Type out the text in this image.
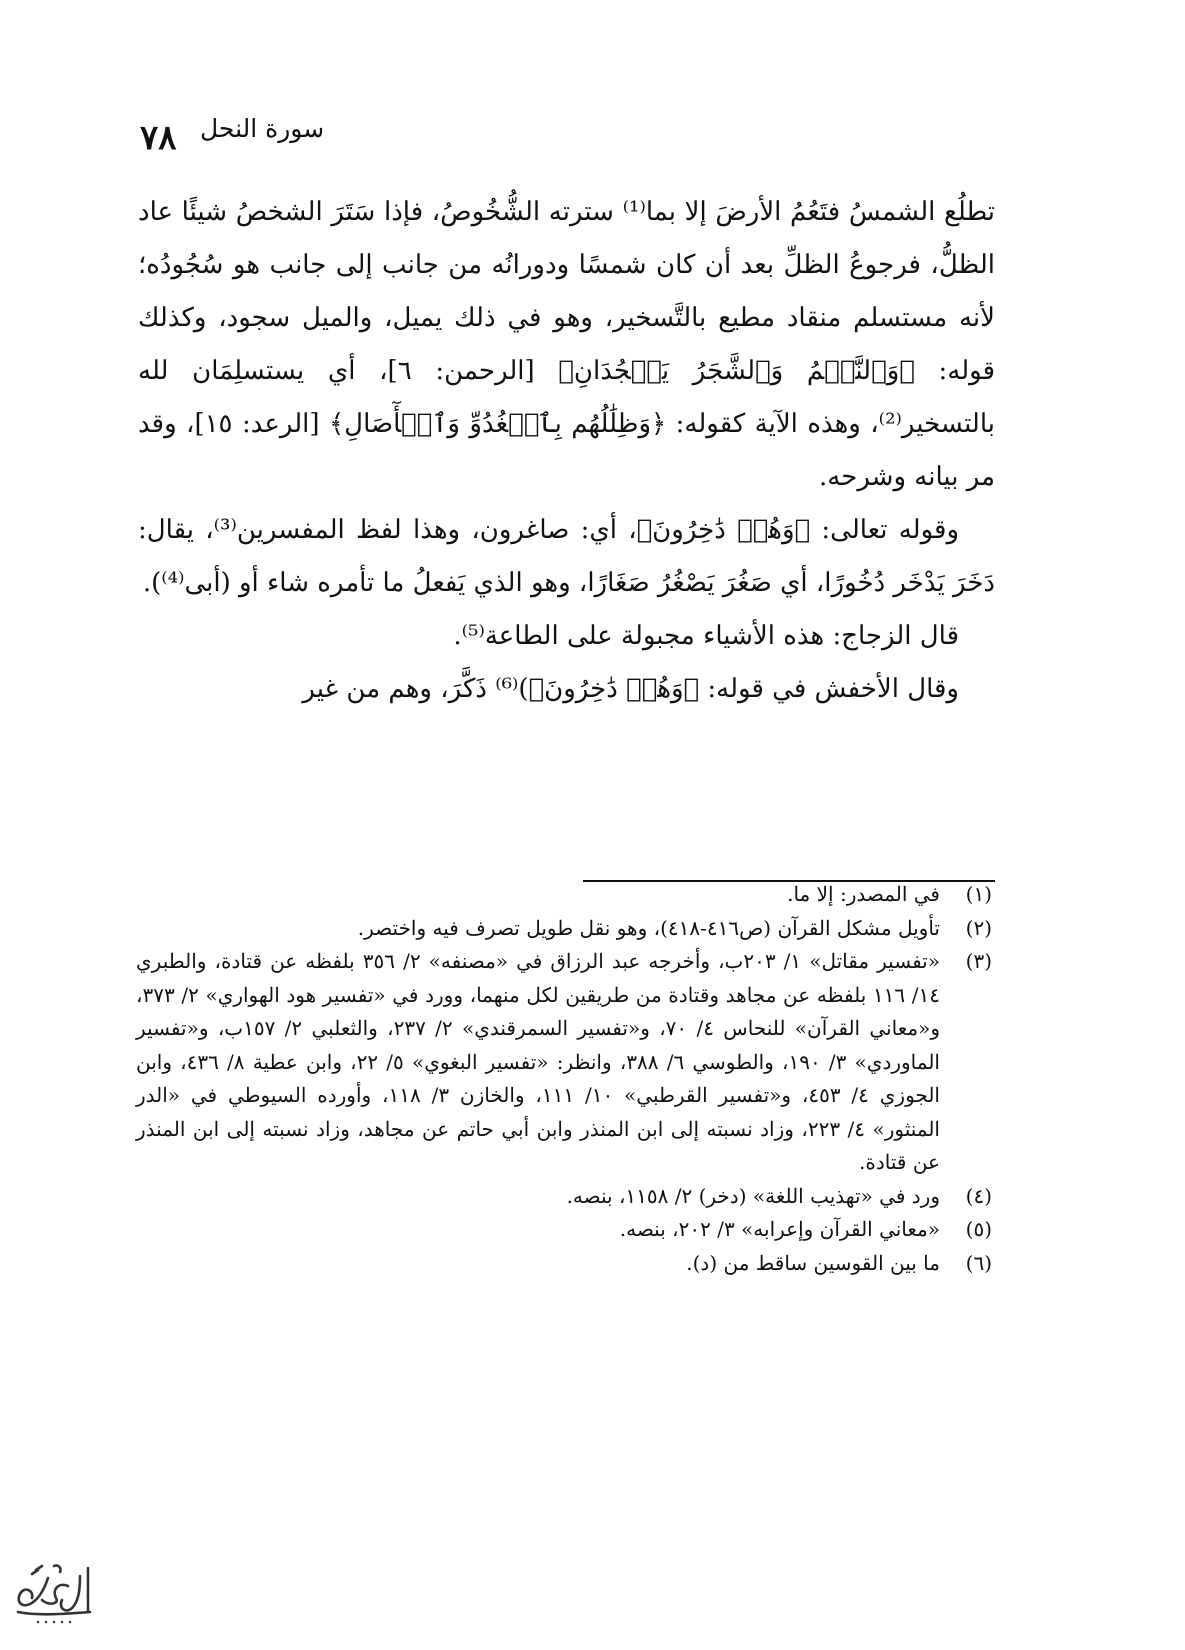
٧٨ سورة النحل

تطلُع الشمسُ فتَعُمُ الأرضَ إلا بما⁽¹⁾ سترته الشُّخُوصُ، فإذا سَتَرَ الشخصُ شيئًا عاد الظلُّ، فرجوعُ الظلِّ بعد أن كان شمسًا ودورانُه من جانب إلى جانب هو سُجُودُه؛ لأنه مستسلم منقاد مطيع بالتَّسخير، وهو في ذلك يميل، والميل سجود، وكذلك قوله: ﴿وَٱلنَّجۡمُ وَٱلشَّجَرُ يَسۡجُدَانِ﴾ [الرحمن: ٦]، أي يستسلِمَان لله بالتسخير⁽²⁾، وهذه الآية كقوله: ﴿وَظِلَٰلُهُم بِٱلۡغُدُوِّ وَٱلۡأٓصَالِ﴾ [الرعد: ١٥]، وقد مر بيانه وشرحه.

وقوله تعالى: ﴿وَهُمۡ دَٰخِرُونَ﴾، أي: صاغرون، وهذا لفظ المفسرين⁽³⁾، يقال: دَخَرَ يَدْخَر دُخُورًا، أي صَغُرَ يَصْغُرُ صَغَارًا، وهو الذي يَفعلُ ما تأمره شاء أو (أبى⁽⁴⁾).

قال الزجاج: هذه الأشياء مجبولة على الطاعة⁽⁵⁾.

وقال الأخفش في قوله: ﴿وَهُمۡ دَٰخِرُونَ﴾)⁽⁶⁾ ذَكَّرَ، وهم من غير

(١)
في المصدر: إلا ما.

(٢)
تأويل مشكل القرآن (ص٤١٦-٤١٨)، وهو نقل طويل تصرف فيه واختصر.

(٣)
«تفسير مقاتل» ١/ ٢٠٣ب، وأخرجه عبد الرزاق في «مصنفه» ٢/ ٣٥٦ بلفظه عن قتادة، والطبري ١٤/ ١١٦ بلفظه عن مجاهد وقتادة من طريقين لكل منهما، وورد في «تفسير هود الهواري» ٢/ ٣٧٣، و«معاني القرآن» للنحاس ٤/ ٧٠، و«تفسير السمرقندي» ٢/ ٢٣٧، والثعلبي ٢/ ١٥٧ب، و«تفسير الماوردي» ٣/ ١٩٠، والطوسي ٦/ ٣٨٨، وانظر: «تفسير البغوي» ٥/ ٢٢، وابن عطية ٨/ ٤٣٦، وابن الجوزي ٤/ ٤٥٣، و«تفسير القرطبي» ١٠/ ١١١، والخازن ٣/ ١١٨، وأورده السيوطي في «الدر المنثور» ٤/ ٢٢٣، وزاد نسبته إلى ابن المنذر وابن أبي حاتم عن مجاهد، وزاد نسبته إلى ابن المنذر عن قتادة.

(٤)
ورد في «تهذيب اللغة» (دخر) ٢/ ١١٥٨، بنصه.

(٥)
«معاني القرآن وإعرابه» ٣/ ٢٠٢، بنصه.

(٦)
ما بين القوسين ساقط من (د).
